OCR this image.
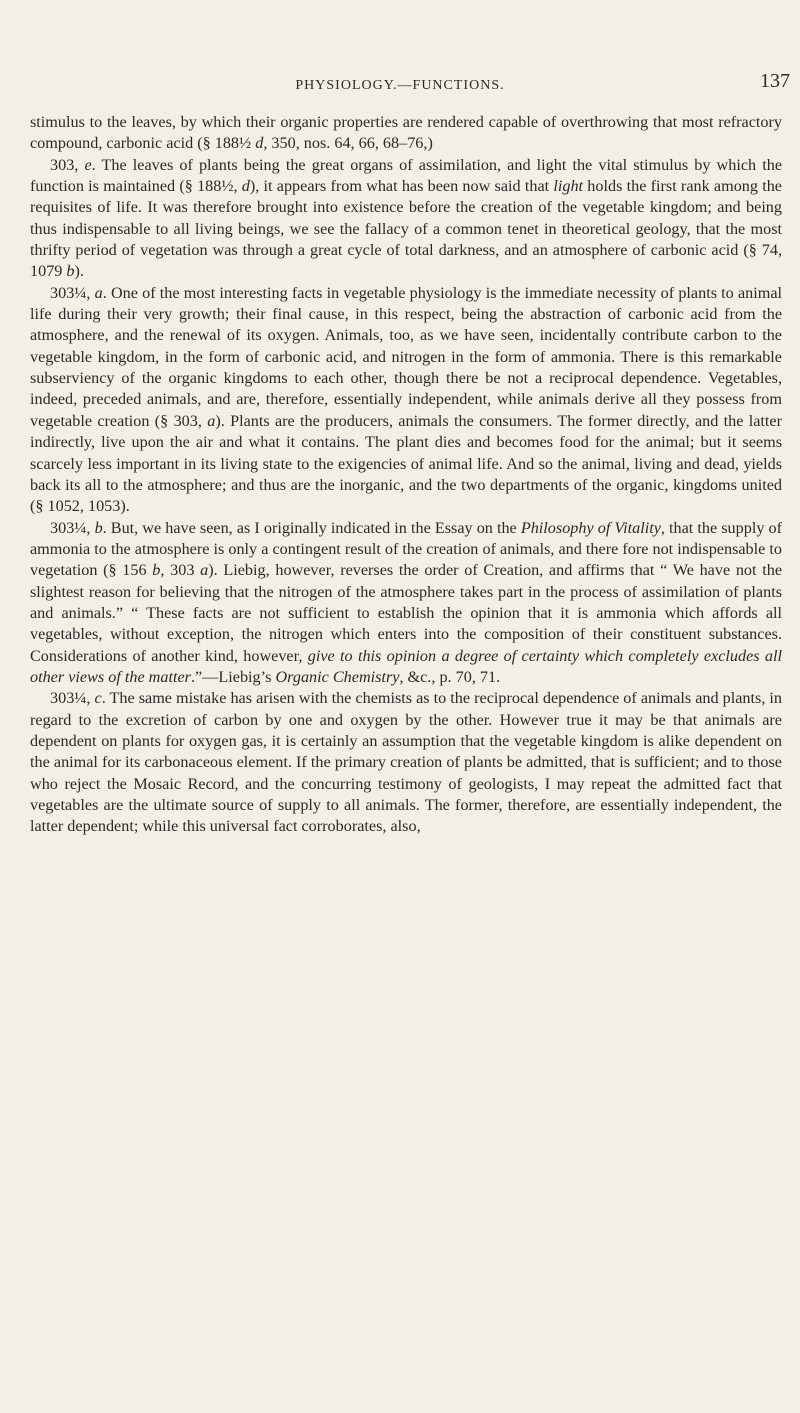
PHYSIOLOGY.—FUNCTIONS.	137

stimulus to the leaves, by which their organic properties are rendered capable of overthrowing that most refractory compound, carbonic acid (§ 188½ d, 350, nos. 64, 66, 68–76,)

303, e. The leaves of plants being the great organs of assimilation, and light the vital stimulus by which the function is maintained (§ 188½, d), it appears from what has been now said that light holds the first rank among the requisites of life. It was therefore brought into existence before the creation of the vegetable kingdom; and being thus indispensable to all living beings, we see the fallacy of a common tenet in theoretical geology, that the most thrifty period of vegetation was through a great cycle of total darkness, and an atmosphere of carbonic acid (§ 74, 1079 b).

303¼, a. One of the most interesting facts in vegetable physiology is the immediate necessity of plants to animal life during their very growth; their final cause, in this respect, being the abstraction of carbonic acid from the atmosphere, and the renewal of its oxygen. Animals, too, as we have seen, incidentally contribute carbon to the vegetable kingdom, in the form of carbonic acid, and nitrogen in the form of ammonia. There is this remarkable subserviency of the organic kingdoms to each other, though there be not a reciprocal dependence. Vegetables, indeed, preceded animals, and are, therefore, essentially independent, while animals derive all they possess from vegetable creation (§ 303, a). Plants are the producers, animals the consumers. The former directly, and the latter indirectly, live upon the air and what it contains. The plant dies and becomes food for the animal; but it seems scarcely less important in its living state to the exigencies of animal life. And so the animal, living and dead, yields back its all to the atmosphere; and thus are the inorganic, and the two departments of the organic, kingdoms united (§ 1052, 1053).

303¼, b. But, we have seen, as I originally indicated in the Essay on the Philosophy of Vitality, that the supply of ammonia to the atmosphere is only a contingent result of the creation of animals, and there fore not indispensable to vegetation (§ 156 b, 303 a). Liebig, however, reverses the order of Creation, and affirms that “ We have not the slightest reason for believing that the nitrogen of the atmosphere takes part in the process of assimilation of plants and animals.” “ These facts are not sufficient to establish the opinion that it is ammonia which affords all vegetables, without exception, the nitrogen which enters into the composition of their constituent substances. Considerations of another kind, however, give to this opinion a degree of certainty which completely excludes all other views of the matter.”—Liebig’s Organic Chemistry, &c., p. 70, 71.

303¼, c. The same mistake has arisen with the chemists as to the reciprocal dependence of animals and plants, in regard to the excretion of carbon by one and oxygen by the other. However true it may be that animals are dependent on plants for oxygen gas, it is certainly an assumption that the vegetable kingdom is alike dependent on the animal for its carbonaceous element. If the primary creation of plants be admitted, that is sufficient; and to those who reject the Mosaic Record, and the concurring testimony of geologists, I may repeat the admitted fact that vegetables are the ultimate source of supply to all animals. The former, therefore, are essentially independent, the latter dependent; while this universal fact corroborates, also,
